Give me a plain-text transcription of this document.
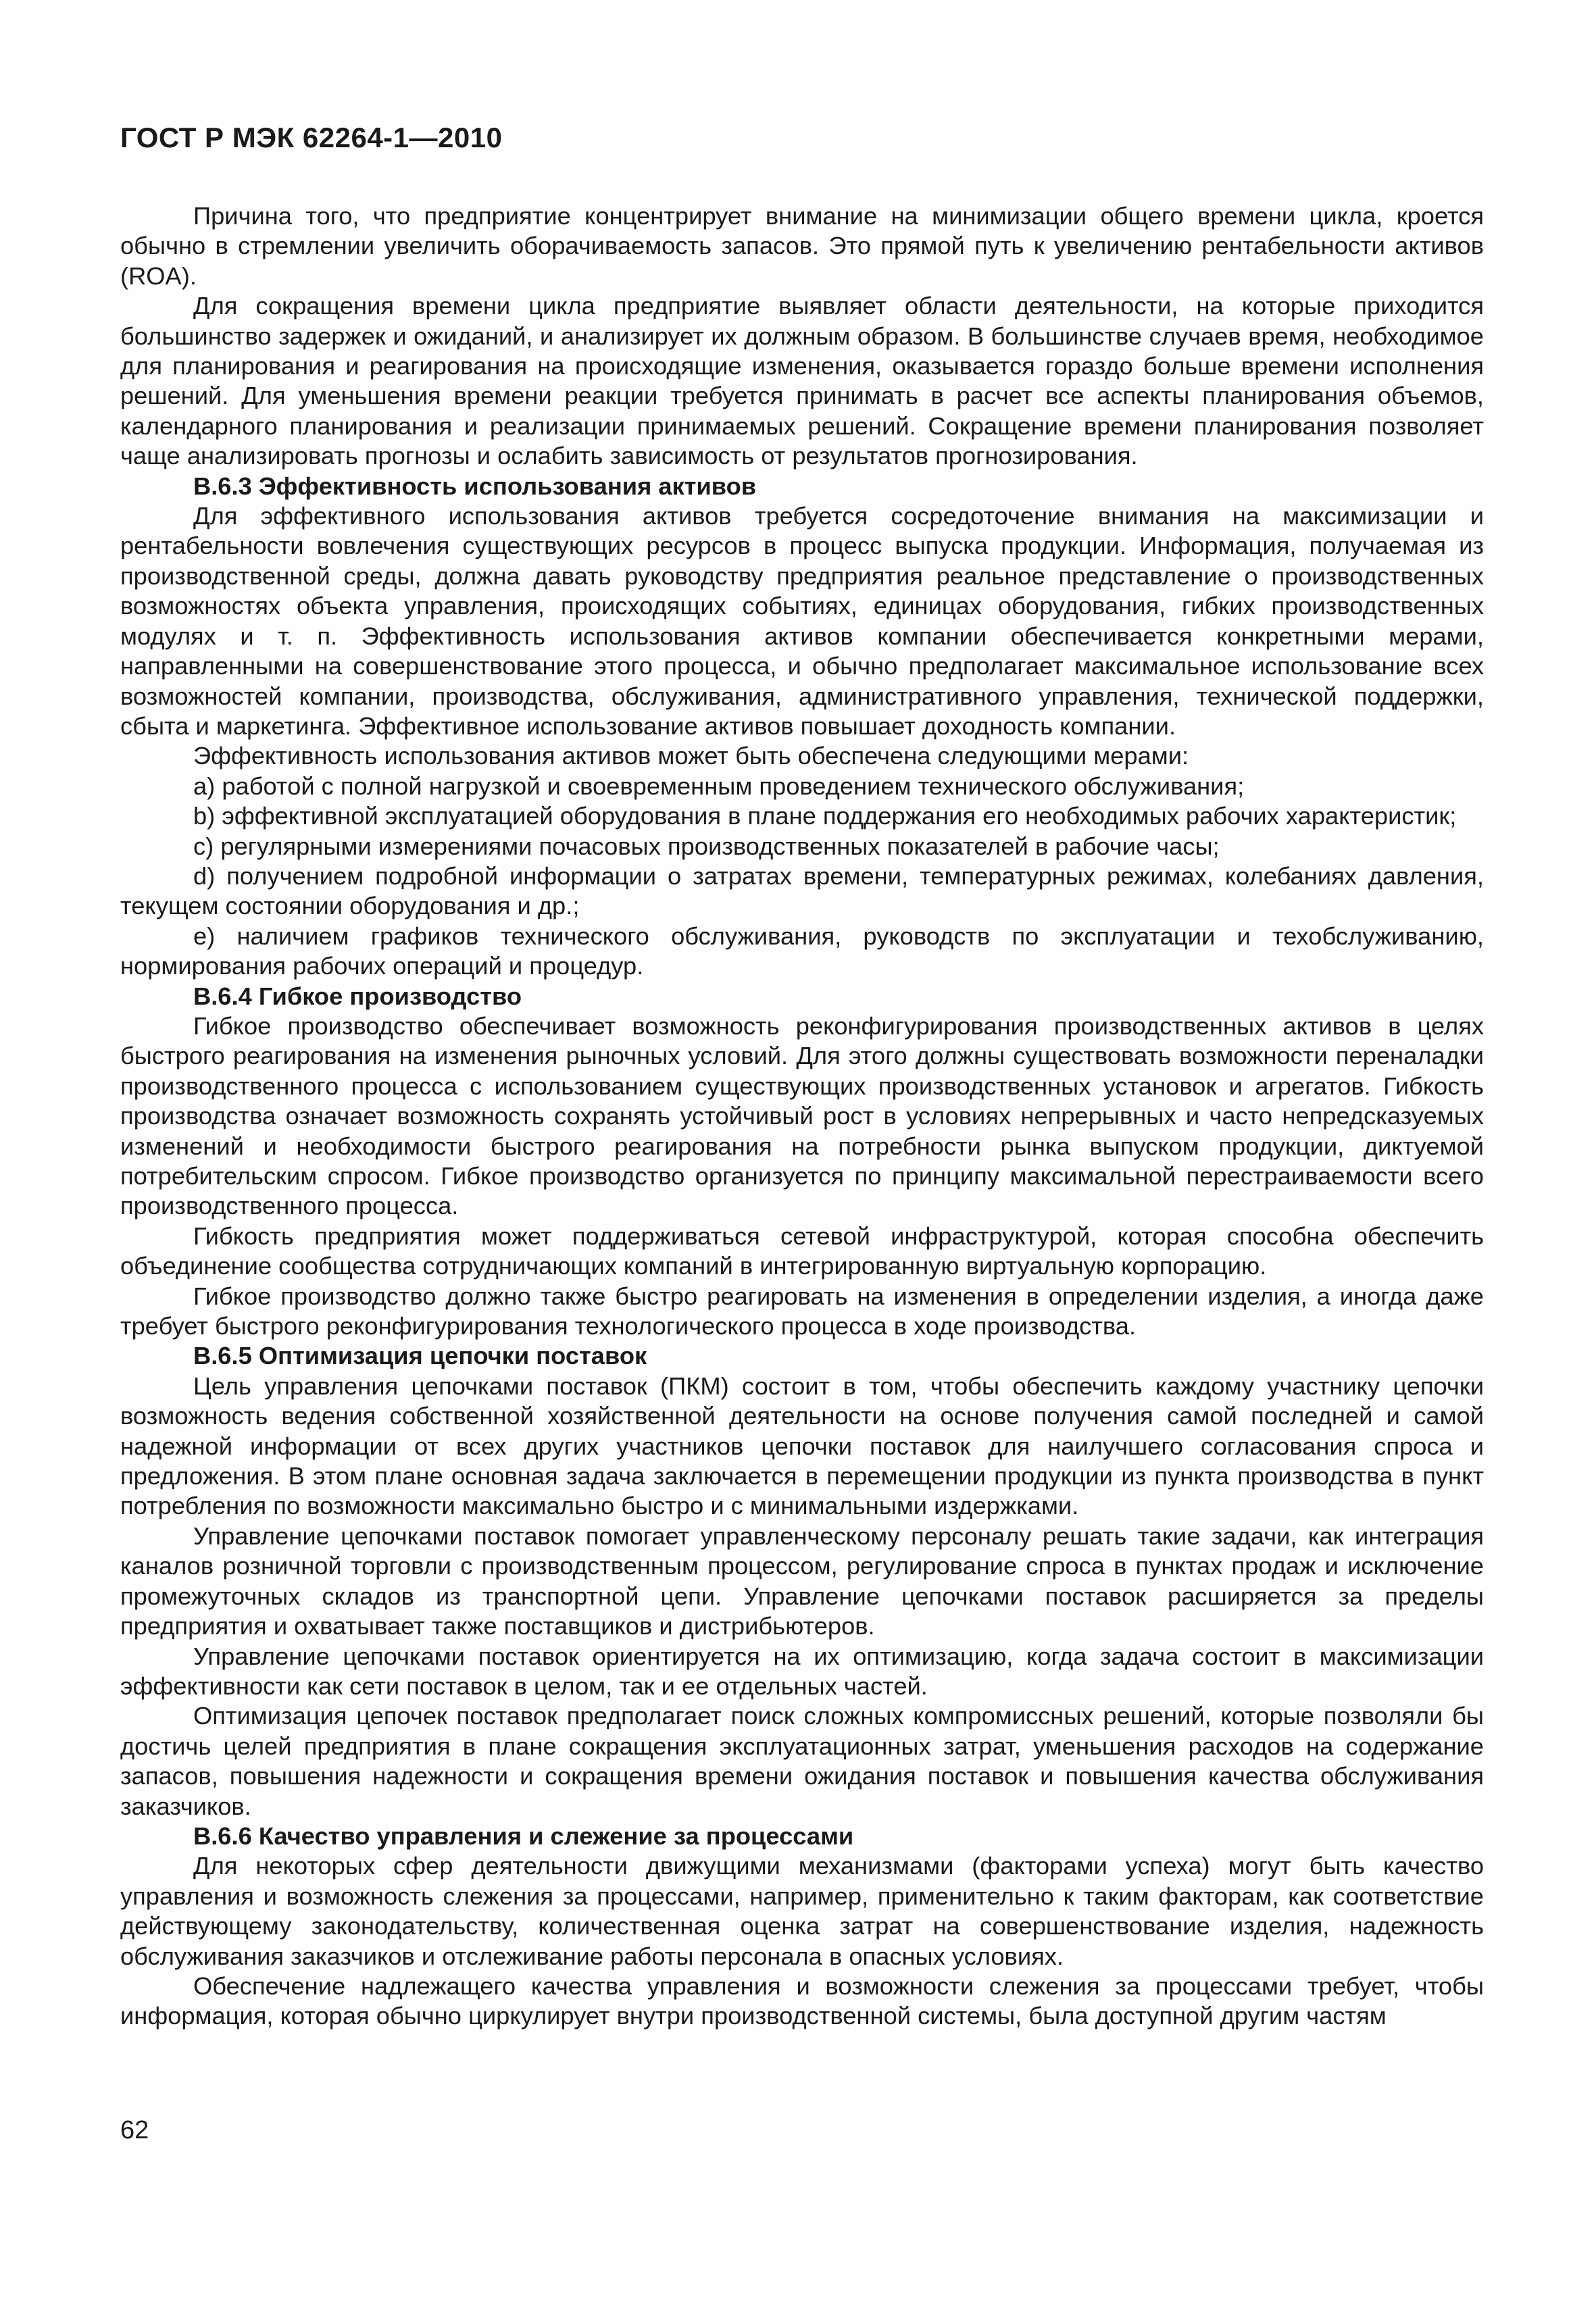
ГОСТ Р МЭК 62264-1—2010

Причина того, что предприятие концентрирует внимание на минимизации общего времени цикла, кроется обычно в стремлении увеличить оборачиваемость запасов. Это прямой путь к увеличению рентабельности активов (ROA).

Для сокращения времени цикла предприятие выявляет области деятельности, на которые приходится большинство задержек и ожиданий, и анализирует их должным образом. В большинстве случаев время, необходимое для планирования и реагирования на происходящие изменения, оказывается гораздо больше времени исполнения решений. Для уменьшения времени реакции требуется принимать в расчет все аспекты планирования объемов, календарного планирования и реализации принимаемых решений. Сокращение времени планирования позволяет чаще анализировать прогнозы и ослабить зависимость от результатов прогнозирования.

В.6.3 Эффективность использования активов

Для эффективного использования активов требуется сосредоточение внимания на максимизации и рентабельности вовлечения существующих ресурсов в процесс выпуска продукции. Информация, получаемая из производственной среды, должна давать руководству предприятия реальное представление о производственных возможностях объекта управления, происходящих событиях, единицах оборудования, гибких производственных модулях и т. п. Эффективность использования активов компании обеспечивается конкретными мерами, направленными на совершенствование этого процесса, и обычно предполагает максимальное использование всех возможностей компании, производства, обслуживания, административного управления, технической поддержки, сбыта и маркетинга. Эффективное использование активов повышает доходность компании.

Эффективность использования активов может быть обеспечена следующими мерами:

а) работой с полной нагрузкой и своевременным проведением технического обслуживания;

b) эффективной эксплуатацией оборудования в плане поддержания его необходимых рабочих характеристик;

с) регулярными измерениями почасовых производственных показателей в рабочие часы;

d) получением подробной информации о затратах времени, температурных режимах, колебаниях давления, текущем состоянии оборудования и др.;

е) наличием графиков технического обслуживания, руководств по эксплуатации и техобслуживанию, нормирования рабочих операций и процедур.

В.6.4 Гибкое производство

Гибкое производство обеспечивает возможность реконфигурирования производственных активов в целях быстрого реагирования на изменения рыночных условий. Для этого должны существовать возможности переналадки производственного процесса с использованием существующих производственных установок и агрегатов. Гибкость производства означает возможность сохранять устойчивый рост в условиях непрерывных и часто непредсказуемых изменений и необходимости быстрого реагирования на потребности рынка выпуском продукции, диктуемой потребительским спросом. Гибкое производство организуется по принципу максимальной перестраиваемости всего производственного процесса.

Гибкость предприятия может поддерживаться сетевой инфраструктурой, которая способна обеспечить объединение сообщества сотрудничающих компаний в интегрированную виртуальную корпорацию.

Гибкое производство должно также быстро реагировать на изменения в определении изделия, а иногда даже требует быстрого реконфигурирования технологического процесса в ходе производства.

В.6.5 Оптимизация цепочки поставок

Цель управления цепочками поставок (ПКМ) состоит в том, чтобы обеспечить каждому участнику цепочки возможность ведения собственной хозяйственной деятельности на основе получения самой последней и самой надежной информации от всех других участников цепочки поставок для наилучшего согласования спроса и предложения. В этом плане основная задача заключается в перемещении продукции из пункта производства в пункт потребления по возможности максимально быстро и с минимальными издержками.

Управление цепочками поставок помогает управленческому персоналу решать такие задачи, как интеграция каналов розничной торговли с производственным процессом, регулирование спроса в пунктах продаж и исключение промежуточных складов из транспортной цепи. Управление цепочками поставок расширяется за пределы предприятия и охватывает также поставщиков и дистрибьютеров.

Управление цепочками поставок ориентируется на их оптимизацию, когда задача состоит в максимизации эффективности как сети поставок в целом, так и ее отдельных частей.

Оптимизация цепочек поставок предполагает поиск сложных компромиссных решений, которые позволяли бы достичь целей предприятия в плане сокращения эксплуатационных затрат, уменьшения расходов на содержание запасов, повышения надежности и сокращения времени ожидания поставок и повышения качества обслуживания заказчиков.

В.6.6 Качество управления и слежение за процессами

Для некоторых сфер деятельности движущими механизмами (факторами успеха) могут быть качество управления и возможность слежения за процессами, например, применительно к таким факторам, как соответствие действующему законодательству, количественная оценка затрат на совершенствование изделия, надежность обслуживания заказчиков и отслеживание работы персонала в опасных условиях.

Обеспечение надлежащего качества управления и возможности слежения за процессами требует, чтобы информация, которая обычно циркулирует внутри производственной системы, была доступной другим частям

62
